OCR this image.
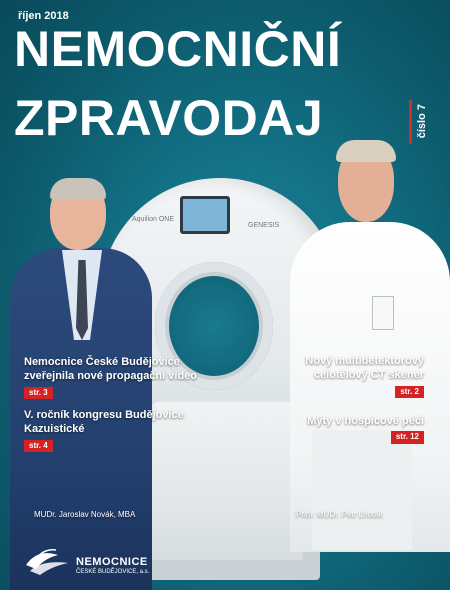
Aquilion ONE
GENESIS
říjen 2018
NEMOCNIČNÍ
ZPRAVODAJ	číslo 7
Nemocnice České Budějovice zveřejnila nové propagační video
str. 3
V. ročník kongresu Budějovice Kazuistické
str. 4
Nový multidetektorový celotělový CT skener
str. 2
Mýty v hospicové péči
str. 12
MUDr. Jaroslav Novák, MBA	Prim. MUDr. Petr Lhoták
NEMOCNICE
ČESKÉ BUDĚJOVICE, a.s.
